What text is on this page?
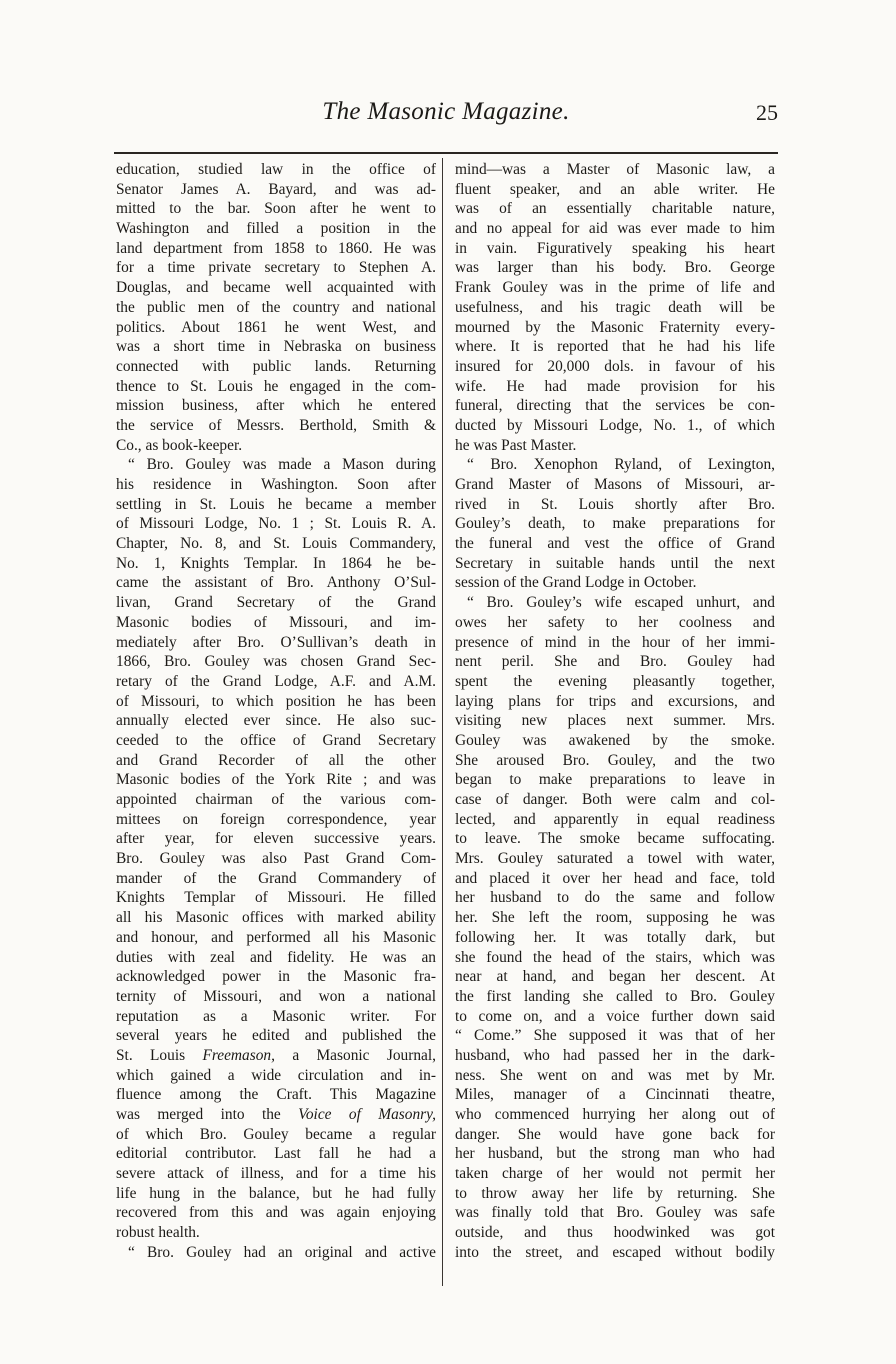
The Masonic Magazine.	25
education, studied law in the office of
Senator James A. Bayard, and was ad-
mitted to the bar. Soon after he went to
Washington and filled a position in the
land department from 1858 to 1860. He was
for a time private secretary to Stephen A.
Douglas, and became well acquainted with
the public men of the country and national
politics. About 1861 he went West, and
was a short time in Nebraska on business
connected with public lands. Returning
thence to St. Louis he engaged in the com-
mission business, after which he entered
the service of Messrs. Berthold, Smith &
Co., as book-keeper.
“ Bro. Gouley was made a Mason during
his residence in Washington. Soon after
settling in St. Louis he became a member
of Missouri Lodge, No. 1 ; St. Louis R. A.
Chapter, No. 8, and St. Louis Commandery,
No. 1, Knights Templar. In 1864 he be-
came the assistant of Bro. Anthony O’Sul-
livan, Grand Secretary of the Grand
Masonic bodies of Missouri, and im-
mediately after Bro. O’Sullivan’s death in
1866, Bro. Gouley was chosen Grand Sec-
retary of the Grand Lodge, A.F. and A.M.
of Missouri, to which position he has been
annually elected ever since. He also suc-
ceeded to the office of Grand Secretary
and Grand Recorder of all the other
Masonic bodies of the York Rite ; and was
appointed chairman of the various com-
mittees on foreign correspondence, year
after year, for eleven successive years.
Bro. Gouley was also Past Grand Com-
mander of the Grand Commandery of
Knights Templar of Missouri. He filled
all his Masonic offices with marked ability
and honour, and performed all his Masonic
duties with zeal and fidelity. He was an
acknowledged power in the Masonic fra-
ternity of Missouri, and won a national
reputation as a Masonic writer. For
several years he edited and published the
St. Louis Freemason, a Masonic Journal,
which gained a wide circulation and in-
fluence among the Craft. This Magazine
was merged into the Voice of Masonry,
of which Bro. Gouley became a regular
editorial contributor. Last fall he had a
severe attack of illness, and for a time his
life hung in the balance, but he had fully
recovered from this and was again enjoying
robust health.
“ Bro. Gouley had an original and active
mind—was a Master of Masonic law, a
fluent speaker, and an able writer. He
was of an essentially charitable nature,
and no appeal for aid was ever made to him
in vain. Figuratively speaking his heart
was larger than his body. Bro. George
Frank Gouley was in the prime of life and
usefulness, and his tragic death will be
mourned by the Masonic Fraternity every-
where. It is reported that he had his life
insured for 20,000 dols. in favour of his
wife. He had made provision for his
funeral, directing that the services be con-
ducted by Missouri Lodge, No. 1., of which
he was Past Master.
“ Bro. Xenophon Ryland, of Lexington,
Grand Master of Masons of Missouri, ar-
rived in St. Louis shortly after Bro.
Gouley’s death, to make preparations for
the funeral and vest the office of Grand
Secretary in suitable hands until the next
session of the Grand Lodge in October.
“ Bro. Gouley’s wife escaped unhurt, and
owes her safety to her coolness and
presence of mind in the hour of her immi-
nent peril. She and Bro. Gouley had
spent the evening pleasantly together,
laying plans for trips and excursions, and
visiting new places next summer. Mrs.
Gouley was awakened by the smoke.
She aroused Bro. Gouley, and the two
began to make preparations to leave in
case of danger. Both were calm and col-
lected, and apparently in equal readiness
to leave. The smoke became suffocating.
Mrs. Gouley saturated a towel with water,
and placed it over her head and face, told
her husband to do the same and follow
her. She left the room, supposing he was
following her. It was totally dark, but
she found the head of the stairs, which was
near at hand, and began her descent. At
the first landing she called to Bro. Gouley
to come on, and a voice further down said
“ Come.” She supposed it was that of her
husband, who had passed her in the dark-
ness. She went on and was met by Mr.
Miles, manager of a Cincinnati theatre,
who commenced hurrying her along out of
danger. She would have gone back for
her husband, but the strong man who had
taken charge of her would not permit her
to throw away her life by returning. She
was finally told that Bro. Gouley was safe
outside, and thus hoodwinked was got
into the street, and escaped without bodily
